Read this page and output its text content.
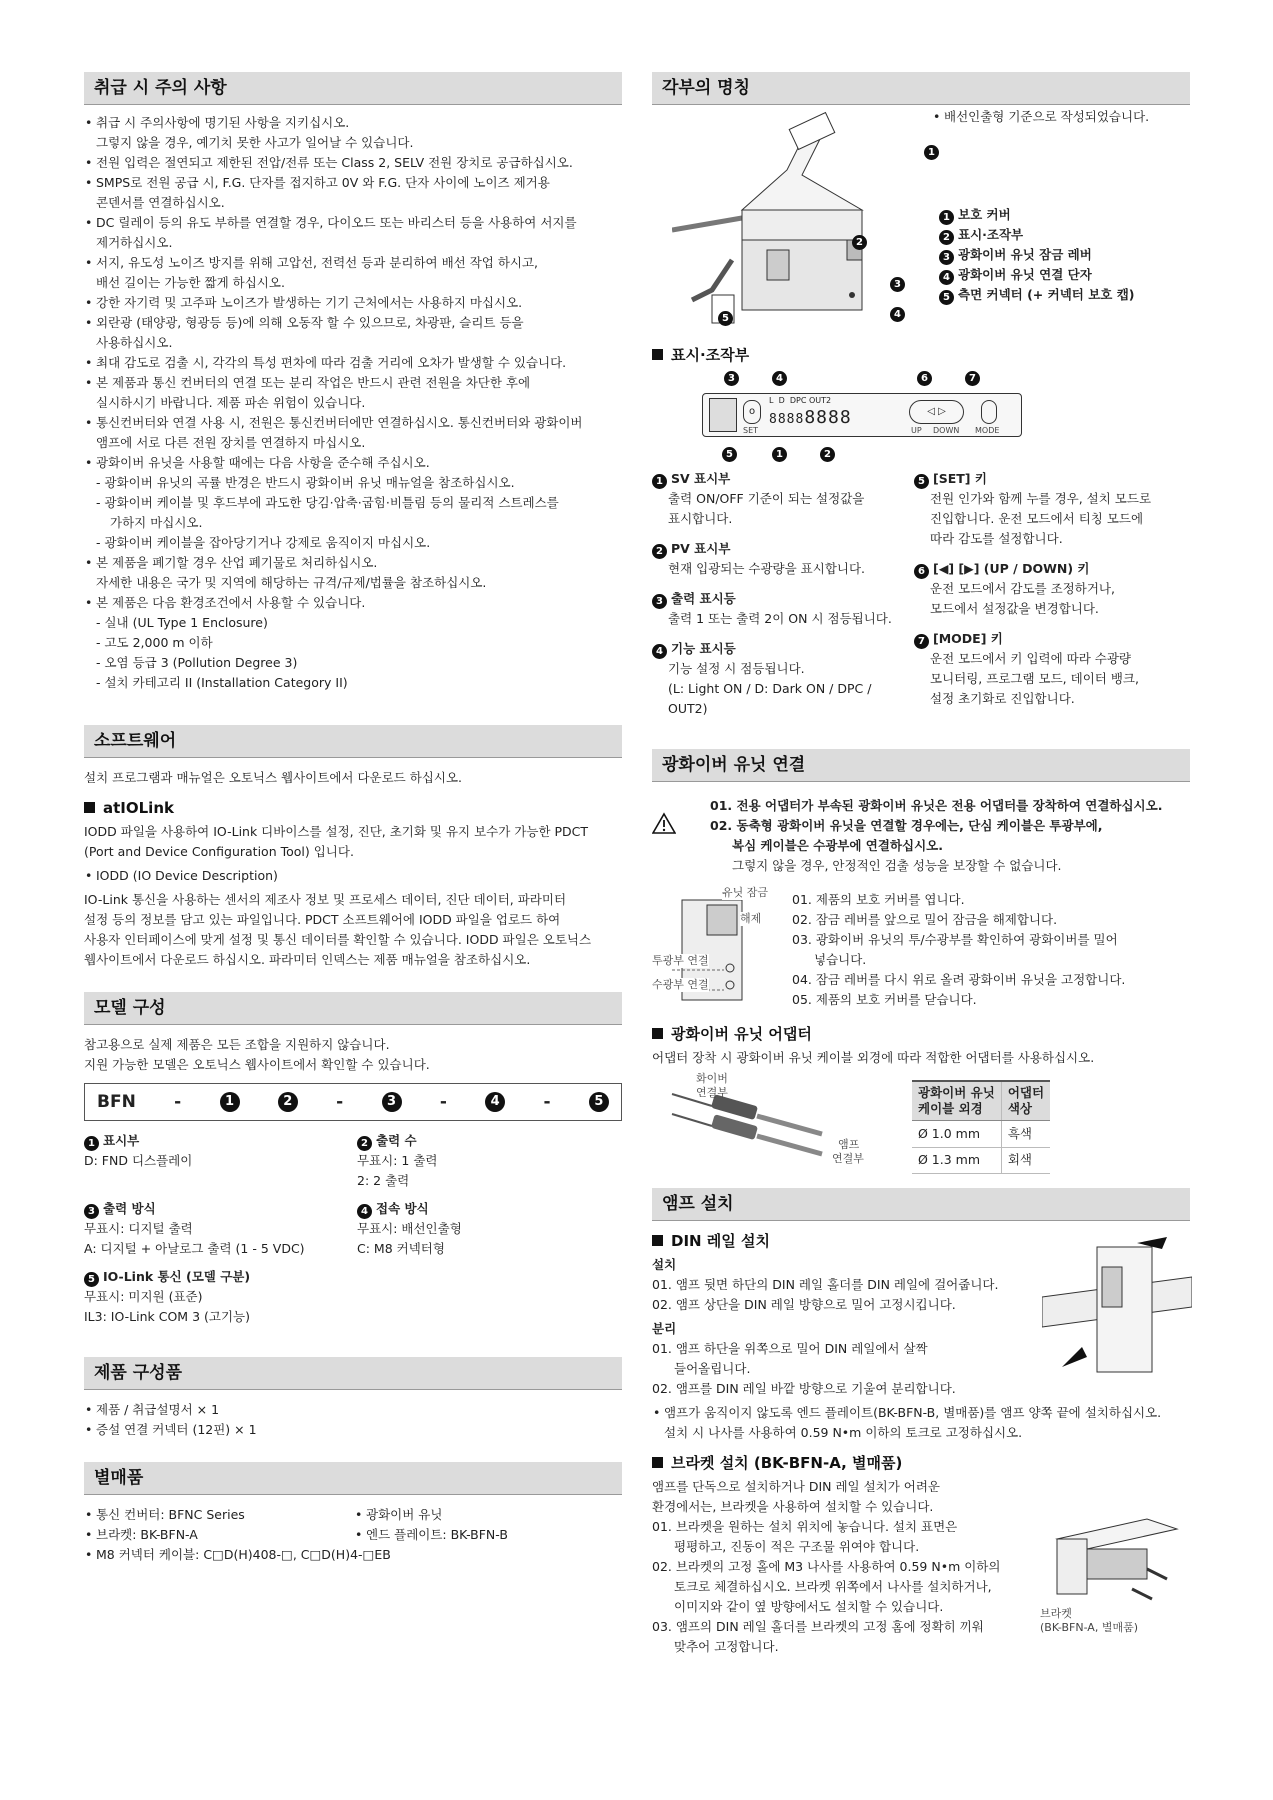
취급 시 주의 사항
• 취급 시 주의사항에 명기된 사항을 지키십시오.
그렇지 않을 경우, 예기치 못한 사고가 일어날 수 있습니다.
• 전원 입력은 절연되고 제한된 전압/전류 또는 Class 2, SELV 전원 장치로 공급하십시오.
• SMPS로 전원 공급 시, F.G. 단자를 접지하고 0V 와 F.G. 단자 사이에 노이즈 제거용
콘덴서를 연결하십시오.
• DC 릴레이 등의 유도 부하를 연결할 경우, 다이오드 또는 바리스터 등을 사용하여 서지를
제거하십시오.
• 서지, 유도성 노이즈 방지를 위해 고압선, 전력선 등과 분리하여 배선 작업 하시고,
배선 길이는 가능한 짧게 하십시오.
• 강한 자기력 및 고주파 노이즈가 발생하는 기기 근처에서는 사용하지 마십시오.
• 외란광 (태양광, 형광등 등)에 의해 오동작 할 수 있으므로, 차광판, 슬리트 등을
사용하십시오.
• 최대 감도로 검출 시, 각각의 특성 편차에 따라 검출 거리에 오차가 발생할 수 있습니다.
• 본 제품과 통신 컨버터의 연결 또는 분리 작업은 반드시 관련 전원을 차단한 후에
실시하시기 바랍니다. 제품 파손 위험이 있습니다.
• 통신컨버터와 연결 사용 시, 전원은 통신컨버터에만 연결하십시오. 통신컨버터와 광화이버
앰프에 서로 다른 전원 장치를 연결하지 마십시오.
• 광화이버 유닛을 사용할 때에는 다음 사항을 준수해 주십시오.
- 광화이버 유닛의 곡률 반경은 반드시 광화이버 유닛 매뉴얼을 참조하십시오.
- 광화이버 케이블 및 후드부에 과도한 당김·압축·굽힘·비틀림 등의 물리적 스트레스를
가하지 마십시오.
- 광화이버 케이블을 잡아당기거나 강제로 움직이지 마십시오.
• 본 제품을 폐기할 경우 산업 폐기물로 처리하십시오.
자세한 내용은 국가 및 지역에 해당하는 규격/규제/법률을 참조하십시오.
• 본 제품은 다음 환경조건에서 사용할 수 있습니다.
- 실내 (UL Type 1 Enclosure)
- 고도 2,000 m 이하
- 오염 등급 3 (Pollution Degree 3)
- 설치 카테고리 II (Installation Category II)
소프트웨어

설치 프로그램과 매뉴얼은 오토닉스 웹사이트에서 다운로드 하십시오.

atIOLink

IODD 파일을 사용하여 IO-Link 디바이스를 설정, 진단, 초기화 및 유지 보수가 가능한 PDCT

(Port and Device Configuration Tool) 입니다.

• IODD (IO Device Description)

IO-Link 통신을 사용하는 센서의 제조사 정보 및 프로세스 데이터, 진단 데이터, 파라미터

설정 등의 정보를 담고 있는 파일입니다. PDCT 소프트웨어에 IODD 파일을 업로드 하여

사용자 인터페이스에 맞게 설정 및 통신 데이터를 확인할 수 있습니다. IODD 파일은 오토닉스

웹사이트에서 다운로드 하십시오. 파라미터 인덱스는 제품 매뉴얼을 참조하십시오.

모델 구성

참고용으로 실제 제품은 모든 조합을 지원하지 않습니다.

지원 가능한 모델은 오토닉스 웹사이트에서 확인할 수 있습니다.

BFN -	1	2	-	3	-	4	-	5
1 표시부
D: FND 디스플레이
2 출력 수
무표시: 1 출력
2: 2 출력
3 출력 방식
무표시: 디지털 출력
A: 디지털 + 아날로그 출력 (1 - 5 VDC)
4 접속 방식
무표시: 배선인출형
C: M8 커넥터형
5 IO-Link 통신 (모델 구분)
무표시: 미지원 (표준)
IL3: IO-Link COM 3 (고기능)
제품 구성품
• 제품 / 취급설명서 × 1
• 증설 연결 커넥터 (12핀) × 1
별매품
• 통신 컨버터: BFNC Series
• 브라켓: BK-BFN-A
• 광화이버 유닛
• 엔드 플레이트: BK-BFN-B
• M8 커넥터 케이블: C□D(H)408-□, C□D(H)4-□EB
각부의 명칭
2
1
3
4
5
• 배선인출형 기준으로 작성되었습니다.
1 보호 커버
2 표시·조작부
3 광화이버 유닛 잠금 레버
4 광화이버 유닛 연결 단자
5 측면 커넥터 (+ 커넥터 보호 캡)
표시·조작부
o
SET
L D DPC OUT2
88888888	◁ ▷
UP DOWN MODE
3	4	6	7
5	1	2
1 SV 표시부
출력 ON/OFF 기준이 되는 설정값을
표시합니다.
2 PV 표시부
현재 입광되는 수광량을 표시합니다.
3 출력 표시등
출력 1 또는 출력 2이 ON 시 점등됩니다.
4 기능 표시등
기능 설정 시 점등됩니다.
(L: Light ON / D: Dark ON / DPC / OUT2)
5 [SET] 키
전원 인가와 함께 누를 경우, 설치 모드로
진입합니다. 운전 모드에서 티칭 모드에
따라 감도를 설정합니다.
6 [◀] [▶] (UP / DOWN) 키
운전 모드에서 감도를 조정하거나,
모드에서 설정값을 변경합니다.
7 [MODE] 키
운전 모드에서 키 입력에 따라 수광량
모니터링, 프로그램 모드, 데이터 뱅크,
설정 초기화로 진입합니다.
광화이버 유닛 연결

01. 전용 어댑터가 부속된 광화이버 유닛은 전용 어댑터를 장착하여 연결하십시오.

02. 동축형 광화이버 유닛을 연결할 경우에는, 단심 케이블은 투광부에,

복심 케이블은 수광부에 연결하십시오.

그렇지 않을 경우, 안정적인 검출 성능을 보장할 수 없습니다.

유닛 잠금
해제
투광부 연결
수광부 연결

01. 제품의 보호 커버를 엽니다.

02. 잠금 레버를 앞으로 밀어 잠금을 해제합니다.

03. 광화이버 유닛의 투/수광부를 확인하여 광화이버를 밀어

넣습니다.

04. 잠금 레버를 다시 위로 올려 광화이버 유닛을 고정합니다.

05. 제품의 보호 커버를 닫습니다.

광화이버 유닛 어댑터

어댑터 장착 시 광화이버 유닛 케이블 외경에 따라 적합한 어댑터를 사용하십시오.

화이버
연결부
앰프
연결부
광화이버 유닛
케이블 외경	어댑터
색상
Ø 1.0 mm	흑색
Ø 1.3 mm	회색
앰프 설치
DIN 레일 설치

설치

01. 앰프 뒷면 하단의 DIN 레일 홀더를 DIN 레일에 걸어줍니다.

02. 앰프 상단을 DIN 레일 방향으로 밀어 고정시킵니다.

분리

01. 앰프 하단을 위쪽으로 밀어 DIN 레일에서 살짝

들어올립니다.

02. 앰프를 DIN 레일 바깥 방향으로 기울여 분리합니다.

• 앰프가 움직이지 않도록 엔드 플레이트(BK-BFN-B, 별매품)를 앰프 양쪽 끝에 설치하십시오.
설치 시 나사를 사용하여 0.59 N•m 이하의 토크로 고정하십시오.
브라켓 설치 (BK-BFN-A, 별매품)

앰프를 단독으로 설치하거나 DIN 레일 설치가 어려운

환경에서는, 브라켓을 사용하여 설치할 수 있습니다.

01. 브라켓을 원하는 설치 위치에 놓습니다. 설치 표면은

평평하고, 진동이 적은 구조물 위여야 합니다.

02. 브라켓의 고정 홀에 M3 나사를 사용하여 0.59 N•m 이하의

토크로 체결하십시오. 브라켓 위쪽에서 나사를 설치하거나,

이미지와 같이 옆 방향에서도 설치할 수 있습니다.

03. 앰프의 DIN 레일 홀더를 브라켓의 고정 홈에 정확히 끼워

맞추어 고정합니다.

브라켓
(BK-BFN-A, 별매품)
